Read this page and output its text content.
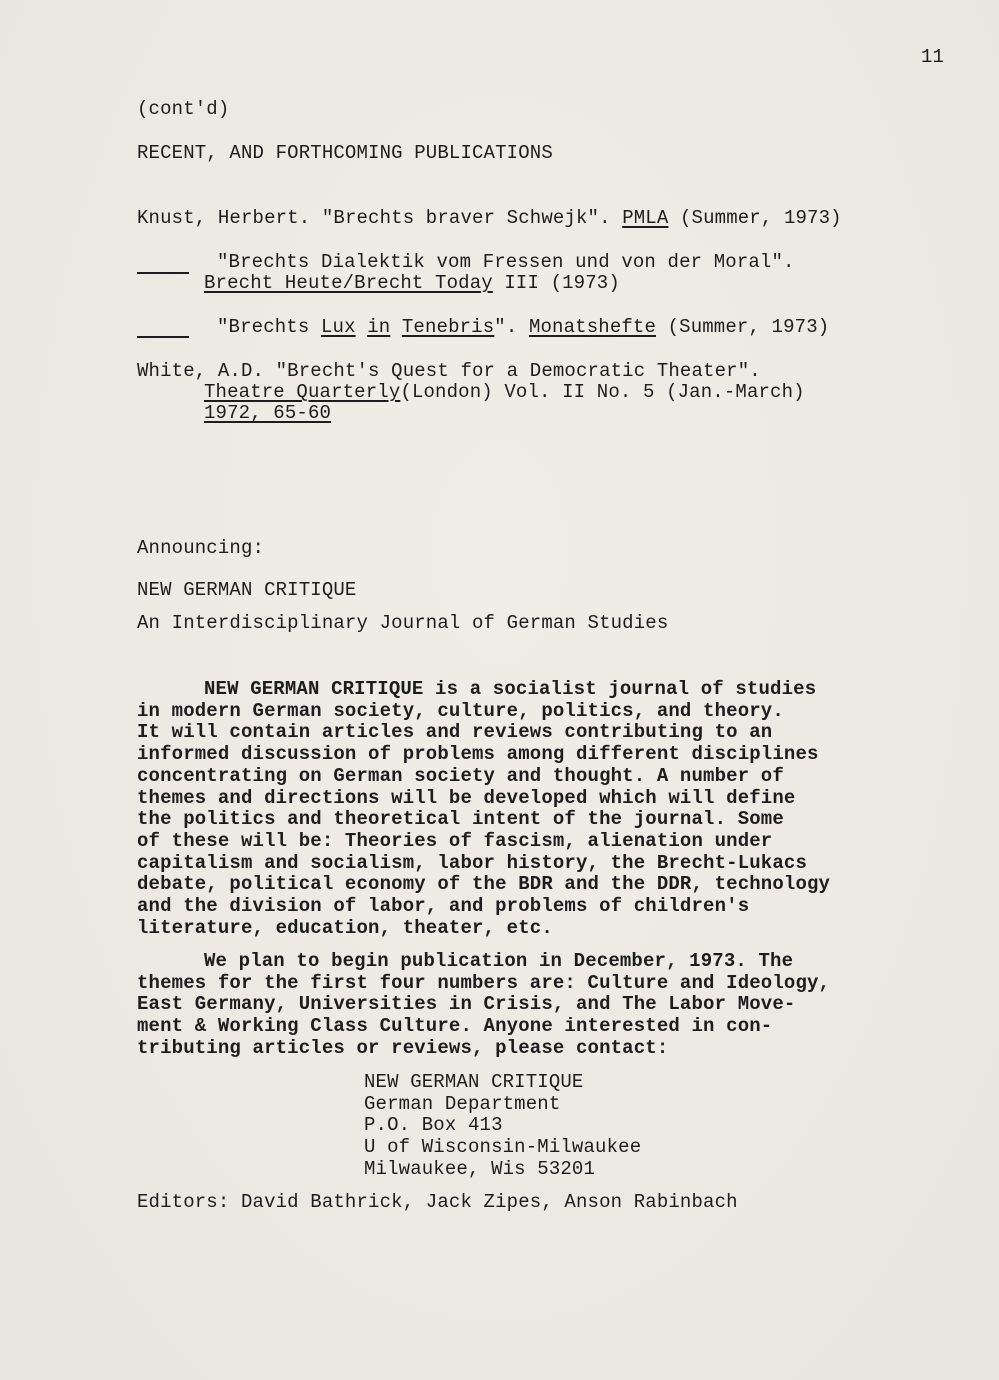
11
(cont'd)
RECENT, AND FORTHCOMING PUBLICATIONS
Knust, Herbert. "Brechts braver Schwejk". PMLA (Summer, 1973)
"Brechts Dialektik vom Fressen und von der Moral".
Brecht Heute/Brecht Today III (1973)
"Brechts Lux in Tenebris". Monatshefte (Summer, 1973)
White, A.D. "Brecht's Quest for a Democratic Theater".
Theatre Quarterly(London) Vol. II No. 5 (Jan.-March)
1972, 65-60
Announcing:
NEW GERMAN CRITIQUE
An Interdisciplinary Journal of German Studies
NEW GERMAN CRITIQUE is a socialist journal of studies
in modern German society, culture, politics, and theory.
It will contain articles and reviews contributing to an
informed discussion of problems among different disciplines
concentrating on German society and thought. A number of
themes and directions will be developed which will define
the politics and theoretical intent of the journal. Some
of these will be: Theories of fascism, alienation under
capitalism and socialism, labor history, the Brecht-Lukacs
debate, political economy of the BDR and the DDR, technology
and the division of labor, and problems of children's
literature, education, theater, etc.
We plan to begin publication in December, 1973. The
themes for the first four numbers are: Culture and Ideology,
East Germany, Universities in Crisis, and The Labor Move-
ment & Working Class Culture. Anyone interested in con-
tributing articles or reviews, please contact:
NEW GERMAN CRITIQUE
German Department
P.O. Box 413
U of Wisconsin-Milwaukee
Milwaukee, Wis 53201
Editors: David Bathrick, Jack Zipes, Anson Rabinbach
